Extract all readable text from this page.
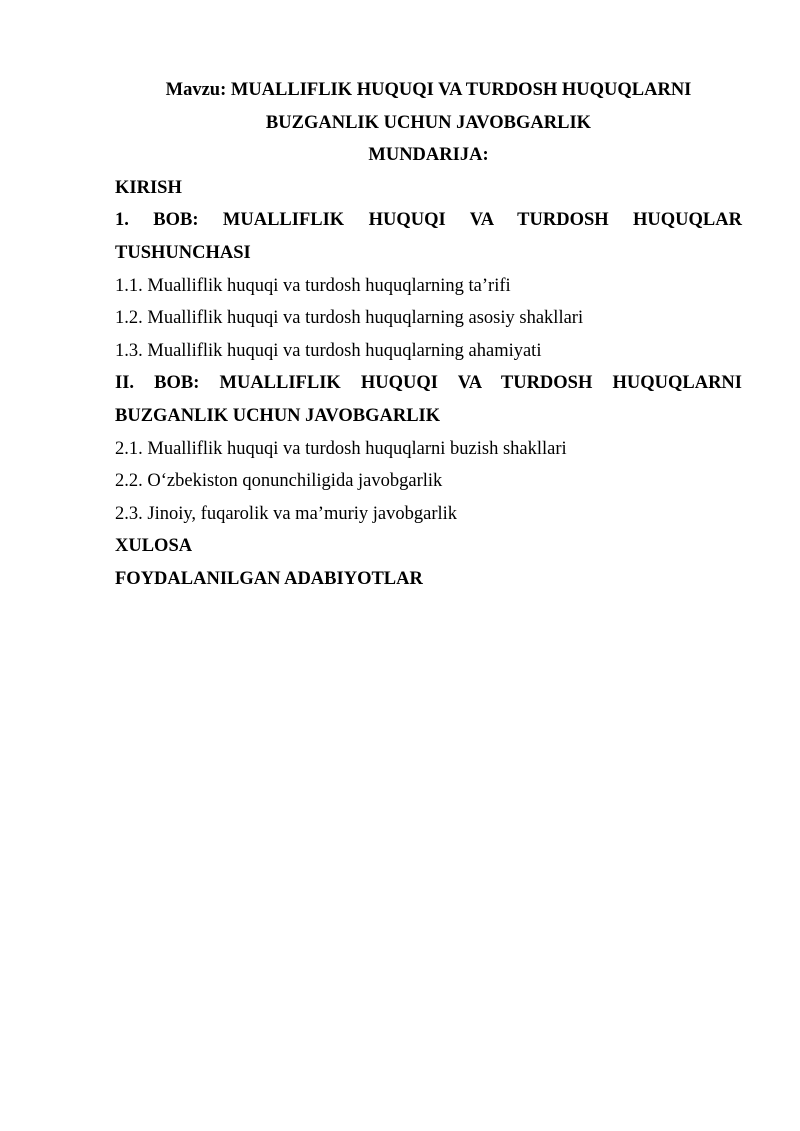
Mavzu: MUALLIFLIK HUQUQI VA TURDOSH HUQUQLARNI
BUZGANLIK UCHUN JAVOBGARLIK
MUNDARIJA:
KIRISH
1. BOB: MUALLIFLIK HUQUQI VA TURDOSH HUQUQLAR
TUSHUNCHASI
1.1. Mualliflik huquqi va turdosh huquqlarning ta’rifi
1.2. Mualliflik huquqi va turdosh huquqlarning asosiy shakllari
1.3. Mualliflik huquqi va turdosh huquqlarning ahamiyati
II. BOB: MUALLIFLIK HUQUQI VA TURDOSH HUQUQLARNI
BUZGANLIK UCHUN JAVOBGARLIK
2.1. Mualliflik huquqi va turdosh huquqlarni buzish shakllari
2.2. O‘zbekiston qonunchiligida javobgarlik
2.3. Jinoiy, fuqarolik va ma’muriy javobgarlik
XULOSA
FOYDALANILGAN ADABIYOTLAR
